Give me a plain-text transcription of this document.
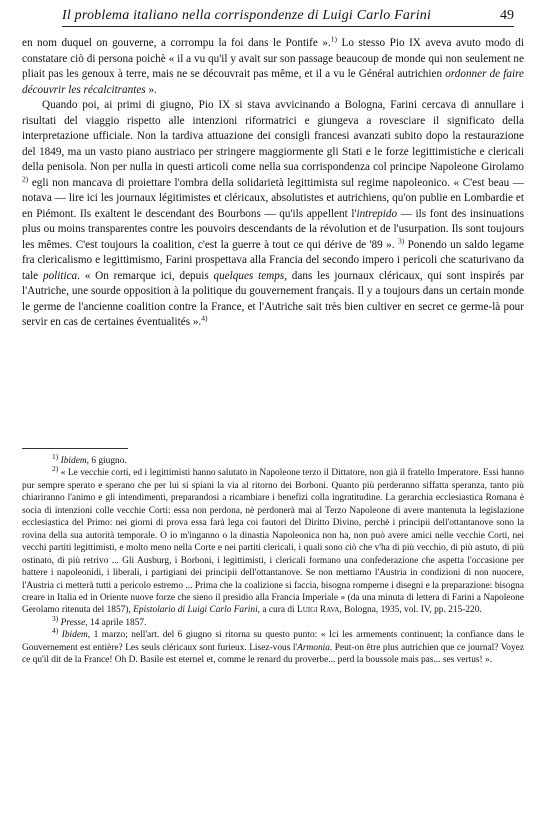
Il problema italiano nella corrispondenze di Luigi Carlo Farini	49

en nom duquel on gouverne, a corrompu la foi dans le Pontife ».$^{1)}$ Lo stesso Pio IX aveva avuto modo di constatare ciò di persona poichè « il a vu qu'il y avait sur son passage beaucoup de monde qui non seulement ne pliait pas les genoux à terre, mais ne se découvrait pas même, et il a vu le Général autrichien ordonner de faire découvrir les récalcitrantes ».

Quando poi, ai primi di giugno, Pio IX si stava avvicinando a Bologna, Farini cercava di annullare i risultati del viaggio rispetto alle intenzioni riformatrici e giungeva a rovesciare il significato della interpretazione ufficiale. Non la tardiva attuazione dei consigli francesi avanzati subito dopo la restaurazione del 1849, ma un vasto piano austriaco per stringere maggiormente gli Stati e le forze legittimistiche e clericali della penisola. Non per nulla in questi articoli come nella sua corrispondenza col principe Napoleone Girolamo $^{2)}$ egli non mancava di proiettare l'ombra della solidarietà legittimista sul regime napoleonico. « C'est beau — notava — lire ici les journaux légitimistes et cléricaux, absolutistes et autrichiens, qu'on publie en Lombardie et en Piémont. Ils exaltent le descendant des Bourbons — qu'ils appellent l'intrepido — ils font des insinuations plus ou moins transparentes contre les pouvoirs descendants de la révolution et de l'usurpation. Ils sont toujours les mêmes. C'est toujours la coalition, c'est la guerre à tout ce qui dérive de '89 ». $^{3)}$ Ponendo un saldo legame fra clericalismo e legittimismo, Farini prospettava alla Francia del secondo impero i pericoli che scaturivano da tale politica. « On remarque ici, depuis quelques temps, dans les journaux cléricaux, qui sont inspirés par l'Autriche, une sourde opposition à la politique du gouvernement français. Il y a toujours dans un certain monde le germe de l'ancienne coalition contre la France, et l'Autriche sait très bien cultiver en secret ce germe-là pour servir en cas de certaines éventualités ».$^{4)}$

$^{1)}$ Ibidem, 6 giugno.

$^{2)}$ « Le vecchie corti, ed i legittimisti hanno salutato in Napoleone terzo il Dittatore, non già il fratello Imperatore. Essi hanno pur sempre sperato e sperano che per lui si spiani la via al ritorno dei Borboni. Quanto più perderanno siffatta speranza, tanto più chiariranno l'animo e gli intendimenti, preparandosi a ricambiare i benefizi colla ingratitudine. La gerarchia ecclesiastica Romana è socia di intenzioni colle vecchie Corti: essa non perdona, nè perdonerà mai al Terzo Napoleone di avere mantenuta la legislazione ecclesiastica del Primo: nei giorni di prova essa farà lega coi fautori del Diritto Divino, perchè i principii dell'ottantanove sono la rovina della sua autorità temporale. O io m'inganno o la dinastia Napoleonica non ha, non può avere amici nelle vecchie Corti, nei vecchi partiti legittimisti, e molto meno nella Corte e nei partiti clericali, i quali sono ciò che v'ha di più vecchio, di più astuto, di più ostinato, di più retrivo ... Gli Ausburg, i Borboni, i legittimisti, i clericali formano una confederazione che aspetta l'occasione per battere i napoleonidi, i liberali, i partigiani dei principii dell'ottantanove. Se non mettiamo l'Austria in condizioni di non nuocere, l'Austria ci metterà tutti a pericolo estremo ... Prima che la coalizione si faccia, bisogna romperne i disegni e la preparazione: bisogna creare in Italia ed in Oriente nuove forze che sieno il presidio alla Francia Imperiale » (da una minuta di lettera di Farini a Napoleone Gerolamo ritenuta del 1857), Epistolario di Luigi Carlo Farini, a cura di Luigi Rava, Bologna, 1935, vol. IV, pp. 215-220.

$^{3)}$ Presse, 14 aprile 1857.

$^{4)}$ Ibidem, 1 marzo; nell'art. del 6 giugno si ritorna su questo punto: « Ici les armements continuent; la confiance dans le Gouvernement est entière? Les seuls cléricaux sont furieux. Lisez-vous l'Armonia. Peut-on être plus autrichien que ce journal? Voyez ce qu'il dit de la France! Oh D. Basile est eternel et, comme le renard du proverbe... perd la boussole mais pas... ses vertus! ».
